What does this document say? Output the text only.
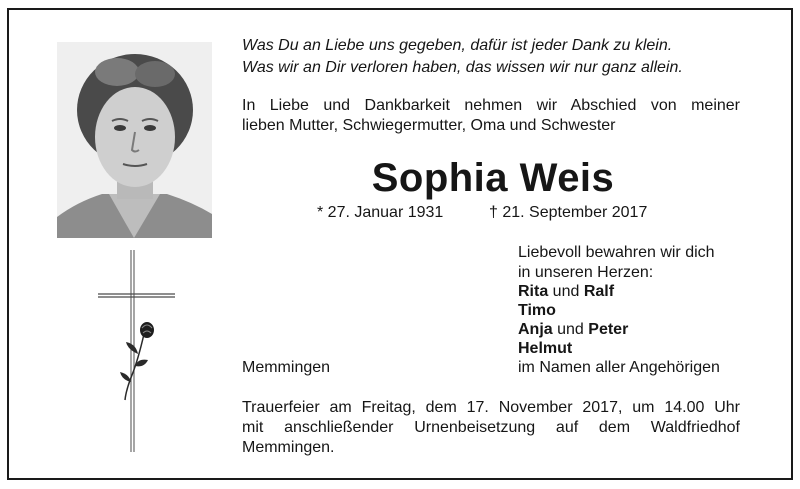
Was Du an Liebe uns gegeben, dafür ist jeder Dank zu klein.
Was wir an Dir verloren haben, das wissen wir nur ganz allein.
In Liebe und Dankbarkeit nehmen wir Abschied von meiner
lieben Mutter, Schwiegermutter, Oma und Schwester
Sophia Weis
* 27. Januar 1931	† 21. September 2017
Liebevoll bewahren wir dich
in unseren Herzen:
Rita und Ralf
Timo
Anja und Peter
Helmut
Memmingen	im Namen aller Angehörigen
Trauerfeier am Freitag, dem 17. November 2017, um 14.00 Uhr
mit anschließender Urnenbeisetzung auf dem Waldfriedhof
Memmingen.
